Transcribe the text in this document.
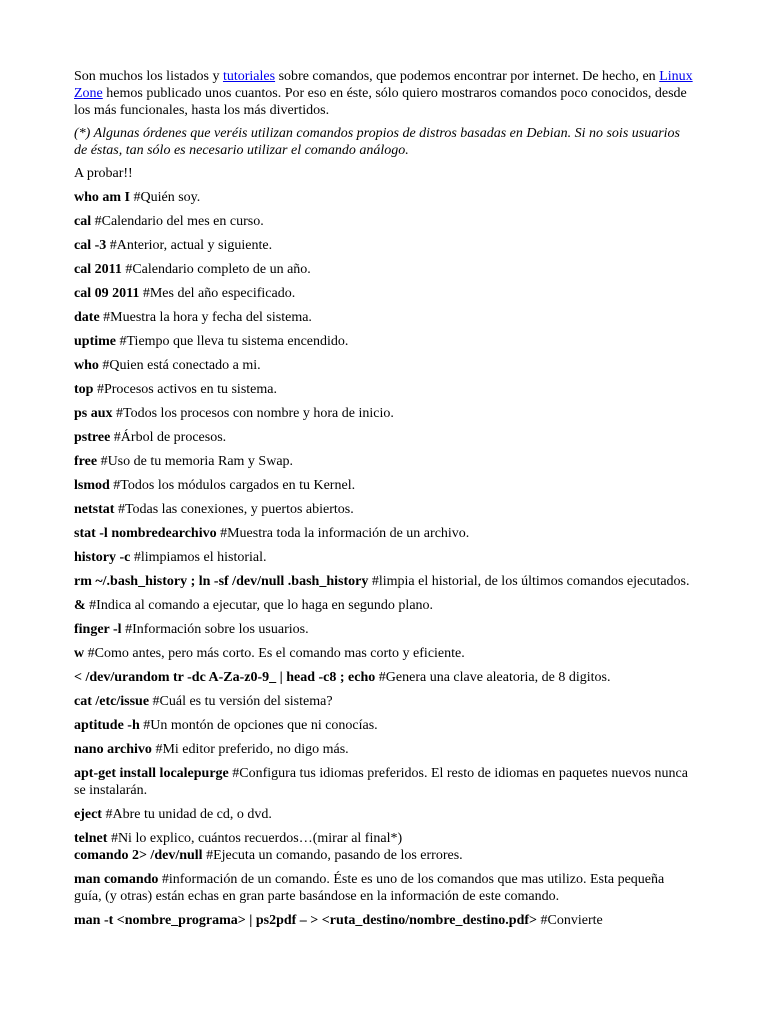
Son muchos los listados y tutoriales sobre comandos, que podemos encontrar por internet. De hecho, en Linux Zone hemos publicado unos cuantos. Por eso en éste, sólo quiero mostraros comandos poco conocidos, desde los más funcionales, hasta los más divertidos.

(*) Algunas órdenes que veréis utilizan comandos propios de distros basadas en Debian. Si no sois usuarios de éstas, tan sólo es necesario utilizar el comando análogo.

A probar!!

who am I #Quién soy.

cal #Calendario del mes en curso.

cal -3 #Anterior, actual y siguiente.

cal 2011 #Calendario completo de un año.

cal 09 2011 #Mes del año especificado.

date #Muestra la hora y fecha del sistema.

uptime #Tiempo que lleva tu sistema encendido.

who #Quien está conectado a mi.

top #Procesos activos en tu sistema.

ps aux #Todos los procesos con nombre y hora de inicio.

pstree #Árbol de procesos.

free #Uso de tu memoria Ram y Swap.

lsmod #Todos los módulos cargados en tu Kernel.

netstat #Todas las conexiones, y puertos abiertos.

stat -l nombredearchivo #Muestra toda la información de un archivo.

history -c #limpiamos el historial.

rm ~/.bash_history ; ln -sf /dev/null .bash_history #limpia el historial, de los últimos comandos ejecutados.

& #Indica al comando a ejecutar, que lo haga en segundo plano.

finger -l #Información sobre los usuarios.

w #Como antes, pero más corto. Es el comando mas corto y eficiente.

< /dev/urandom tr -dc A-Za-z0-9_ | head -c8 ; echo #Genera una clave aleatoria, de 8 digitos.

cat /etc/issue #Cuál es tu versión del sistema?

aptitude -h #Un montón de opciones que ni conocías.

nano archivo #Mi editor preferido, no digo más.

apt-get install localepurge #Configura tus idiomas preferidos. El resto de idiomas en paquetes nuevos nunca se instalarán.

eject #Abre tu unidad de cd, o dvd.

telnet #Ni lo explico, cuántos recuerdos…(mirar al final*)

comando 2> /dev/null #Ejecuta un comando, pasando de los errores.

man comando #información de un comando. Éste es uno de los comandos que mas utilizo. Esta pequeña guía, (y otras) están echas en gran parte basándose en la información de este comando.

man -t <nombre_programa> | ps2pdf – > <ruta_destino/nombre_destino.pdf> #Convierte
